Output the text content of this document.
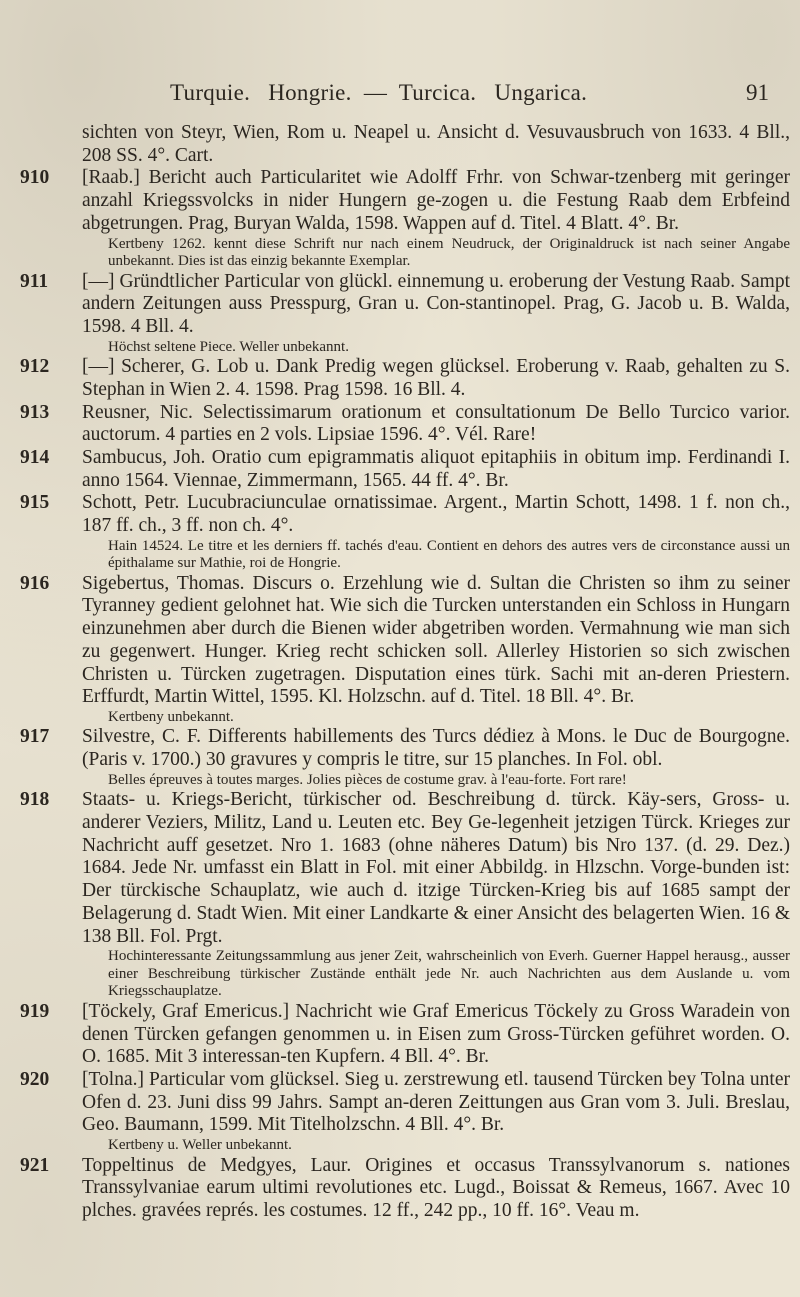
Turquie. Hongrie. — Turcica. Ungarica.	91
sichten von Steyr, Wien, Rom u. Neapel u. Ansicht d. Vesuvausbruch von 1633. 4 Bll., 208 SS. 4°. Cart.
910	[Raab.] Bericht auch Particularitet wie Adolff Frhr. von Schwar-tzenberg mit geringer anzahl Kriegssvolcks in nider Hungern ge-zogen u. die Festung Raab dem Erbfeind abgetrungen. Prag, Buryan Walda, 1598. Wappen auf d. Titel. 4 Blatt. 4°. Br.
Kertbeny 1262. kennt diese Schrift nur nach einem Neudruck, der Originaldruck ist nach seiner Angabe unbekannt. Dies ist das einzig bekannte Exemplar.
911	[—] Gründtlicher Particular von glückl. einnemung u. eroberung der Vestung Raab. Sampt andern Zeitungen auss Presspurg, Gran u. Con-stantinopel. Prag, G. Jacob u. B. Walda, 1598. 4 Bll. 4.
Höchst seltene Piece. Weller unbekannt.
912	[—] Scherer, G. Lob u. Dank Predig wegen glücksel. Eroberung v. Raab, gehalten zu S. Stephan in Wien 2. 4. 1598. Prag 1598. 16 Bll. 4.
913	Reusner, Nic. Selectissimarum orationum et consultationum De Bello Turcico varior. auctorum. 4 parties en 2 vols. Lipsiae 1596. 4°. Vél. Rare!
914	Sambucus, Joh. Oratio cum epigrammatis aliquot epitaphiis in obitum imp. Ferdinandi I. anno 1564. Viennae, Zimmermann, 1565. 44 ff. 4°. Br.
915	Schott, Petr. Lucubraciunculae ornatissimae. Argent., Martin Schott, 1498. 1 f. non ch., 187 ff. ch., 3 ff. non ch. 4°.
Hain 14524. Le titre et les derniers ff. tachés d'eau. Contient en dehors des autres vers de circonstance aussi un épithalame sur Mathie, roi de Hongrie.
916	Sigebertus, Thomas. Discurs o. Erzehlung wie d. Sultan die Christen so ihm zu seiner Tyranney gedient gelohnet hat. Wie sich die Turcken unterstanden ein Schloss in Hungarn einzunehmen aber durch die Bienen wider abgetriben worden. Vermahnung wie man sich zu gegenwert. Hunger. Krieg recht schicken soll. Allerley Historien so sich zwischen Christen u. Türcken zugetragen. Disputation eines türk. Sachi mit an-deren Priestern. Erffurdt, Martin Wittel, 1595. Kl. Holzschn. auf d. Titel. 18 Bll. 4°. Br.
Kertbeny unbekannt.
917	Silvestre, C. F. Differents habillements des Turcs dédiez à Mons. le Duc de Bourgogne. (Paris v. 1700.) 30 gravures y compris le titre, sur 15 planches. In Fol. obl.
Belles épreuves à toutes marges. Jolies pièces de costume grav. à l'eau-forte. Fort rare!
918	Staats- u. Kriegs-Bericht, türkischer od. Beschreibung d. türck. Käy-sers, Gross- u. anderer Veziers, Militz, Land u. Leuten etc. Bey Ge-legenheit jetzigen Türck. Krieges zur Nachricht auff gesetzet. Nro 1. 1683 (ohne näheres Datum) bis Nro 137. (d. 29. Dez.) 1684. Jede Nr. umfasst ein Blatt in Fol. mit einer Abbildg. in Hlzschn. Vorge-bunden ist: Der türckische Schauplatz, wie auch d. itzige Türcken-Krieg bis auf 1685 sampt der Belagerung d. Stadt Wien. Mit einer Landkarte & einer Ansicht des belagerten Wien. 16 & 138 Bll. Fol. Prgt.
Hochinteressante Zeitungssammlung aus jener Zeit, wahrscheinlich von Everh. Guerner Happel herausg., ausser einer Beschreibung türkischer Zustände enthält jede Nr. auch Nachrichten aus dem Auslande u. vom Kriegsschauplatze.
919	[Töckely, Graf Emericus.] Nachricht wie Graf Emericus Töckely zu Gross Waradein von denen Türcken gefangen genommen u. in Eisen zum Gross-Türcken geführet worden. O. O. 1685. Mit 3 interessan-ten Kupfern. 4 Bll. 4°. Br.
920	[Tolna.] Particular vom glücksel. Sieg u. zerstrewung etl. tausend Türcken bey Tolna unter Ofen d. 23. Juni diss 99 Jahrs. Sampt an-deren Zeittungen aus Gran vom 3. Juli. Breslau, Geo. Baumann, 1599. Mit Titelholzschn. 4 Bll. 4°. Br.
Kertbeny u. Weller unbekannt.
921	Toppeltinus de Medgyes, Laur. Origines et occasus Transsylvanorum s. nationes Transsylvaniae earum ultimi revolutiones etc. Lugd., Boissat & Remeus, 1667. Avec 10 plches. gravées représ. les costumes. 12 ff., 242 pp., 10 ff. 16°. Veau m.
